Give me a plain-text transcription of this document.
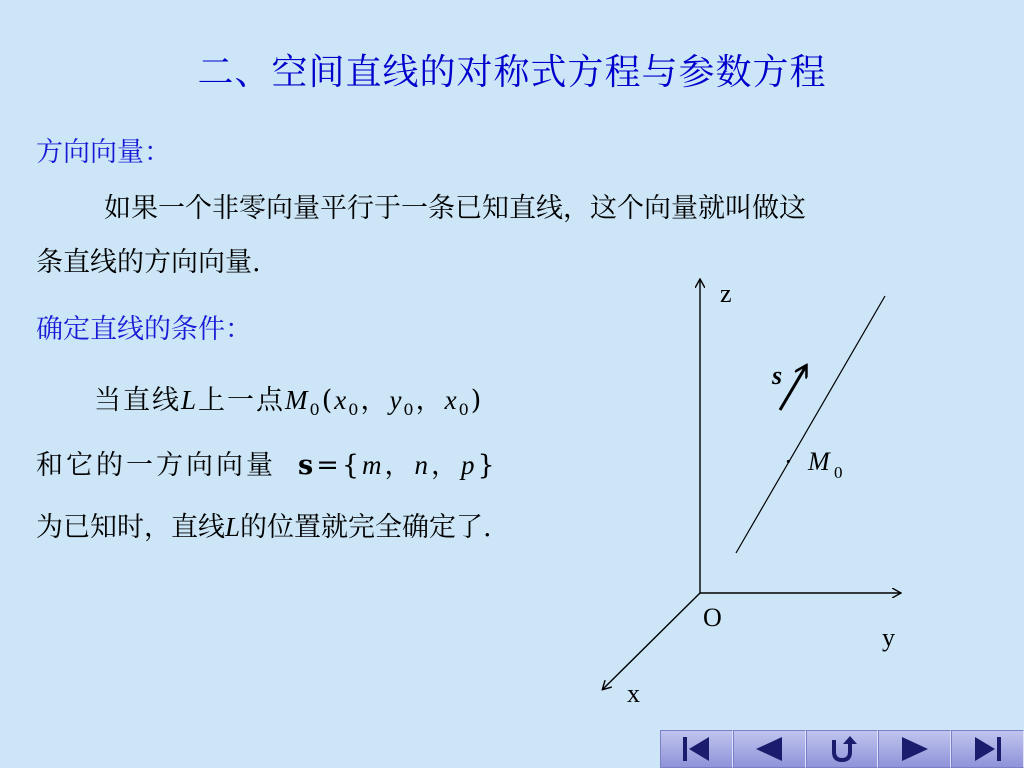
二、空间直线的对称式方程与参数方程
方向向量：
如果一个非零向量平行于一条已知直线，这个向量就叫做这
条直线的方向向量.
确定直线的条件：
当直线L上一点$M_0(x_0$，$y_0$，$x_0$)
和它的一方向向量 s={m，n，p}
为已知时，直线L的位置就完全确定了.
z
y
x
O
s
· M 0
